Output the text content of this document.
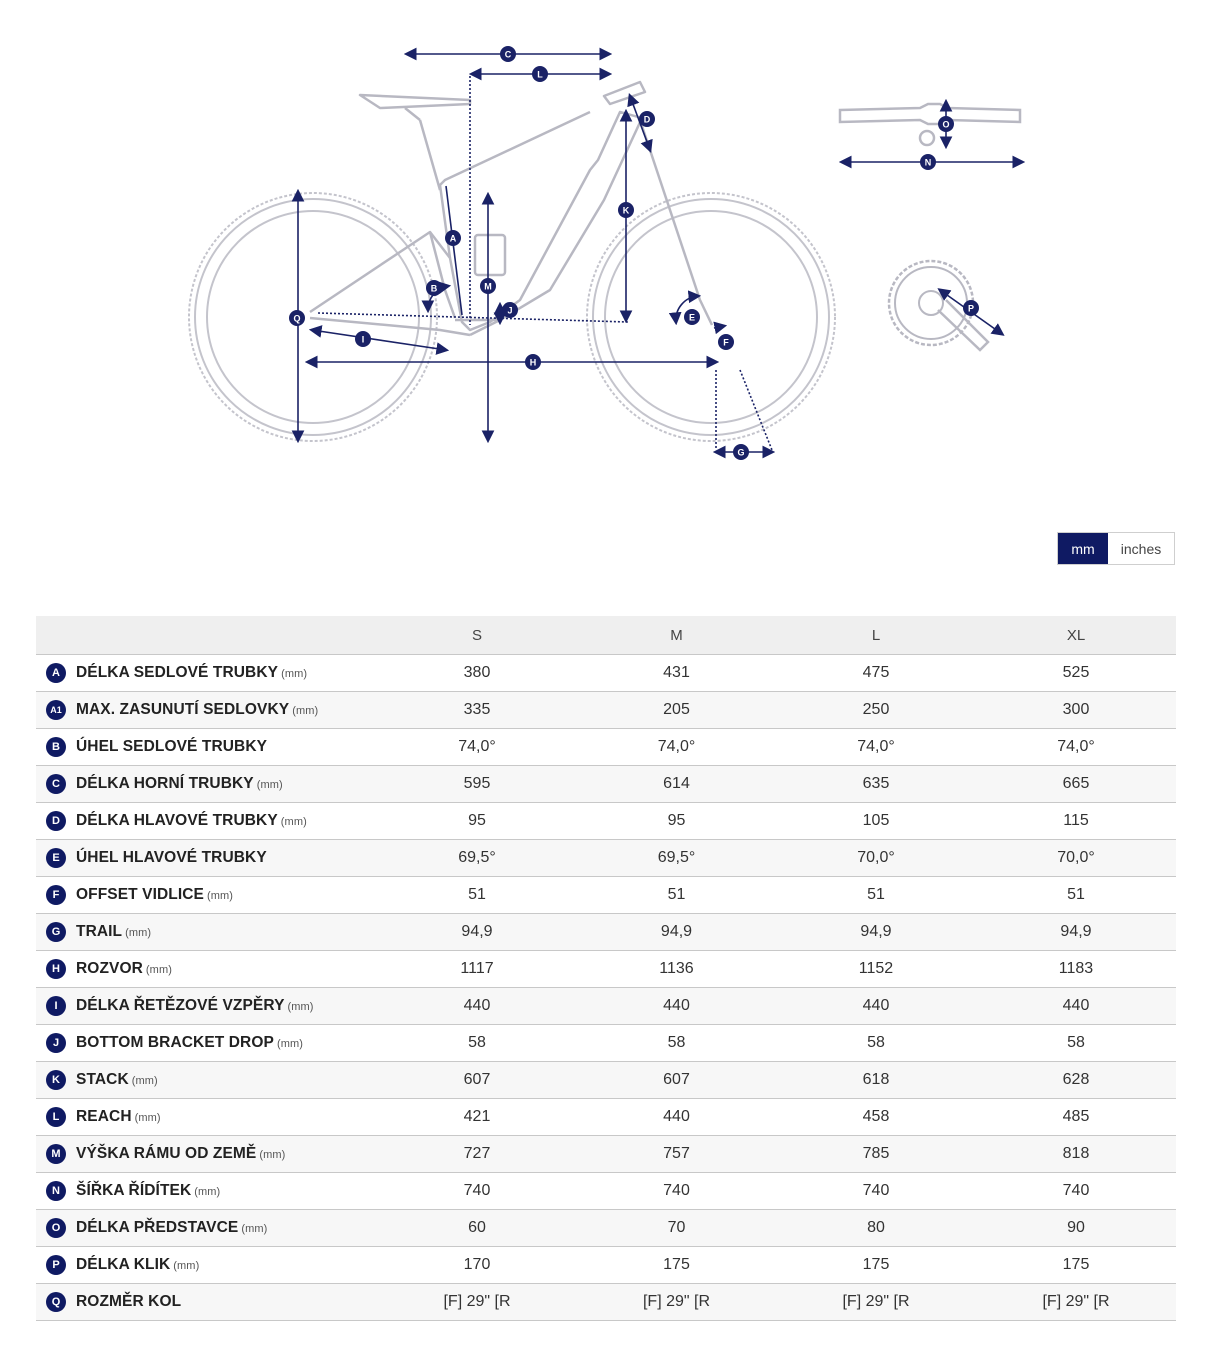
C
L
D
K
A
M
B
J
Q	E
I	F
H
G
O
N
P
mm	inches
		S	M	L	XL
A	DÉLKA SEDLOVÉ TRUBKY (mm)	380	431	475	525
A1	MAX. ZASUNUTÍ SEDLOVKY (mm)	335	205	250	300
B	ÚHEL SEDLOVÉ TRUBKY	74,0°	74,0°	74,0°	74,0°
C	DÉLKA HORNÍ TRUBKY (mm)	595	614	635	665
D	DÉLKA HLAVOVÉ TRUBKY (mm)	95	95	105	115
E	ÚHEL HLAVOVÉ TRUBKY	69,5°	69,5°	70,0°	70,0°
F	OFFSET VIDLICE (mm)	51	51	51	51
G	TRAIL (mm)	94,9	94,9	94,9	94,9
H	ROZVOR (mm)	1117	1136	1152	1183
I	DÉLKA ŘETĚZOVÉ VZPĚRY (mm)	440	440	440	440
J	BOTTOM BRACKET DROP (mm)	58	58	58	58
K	STACK (mm)	607	607	618	628
L	REACH (mm)	421	440	458	485
M	VÝŠKA RÁMU OD ZEMĚ (mm)	727	757	785	818
N	ŠÍŘKA ŘÍDÍTEK (mm)	740	740	740	740
O	DÉLKA PŘEDSTAVCE (mm)	60	70	80	90
P	DÉLKA KLIK (mm)	170	175	175	175
Q	ROZMĚR KOL	[F] 29" [R	[F] 29" [R	[F] 29" [R	[F] 29" [R
